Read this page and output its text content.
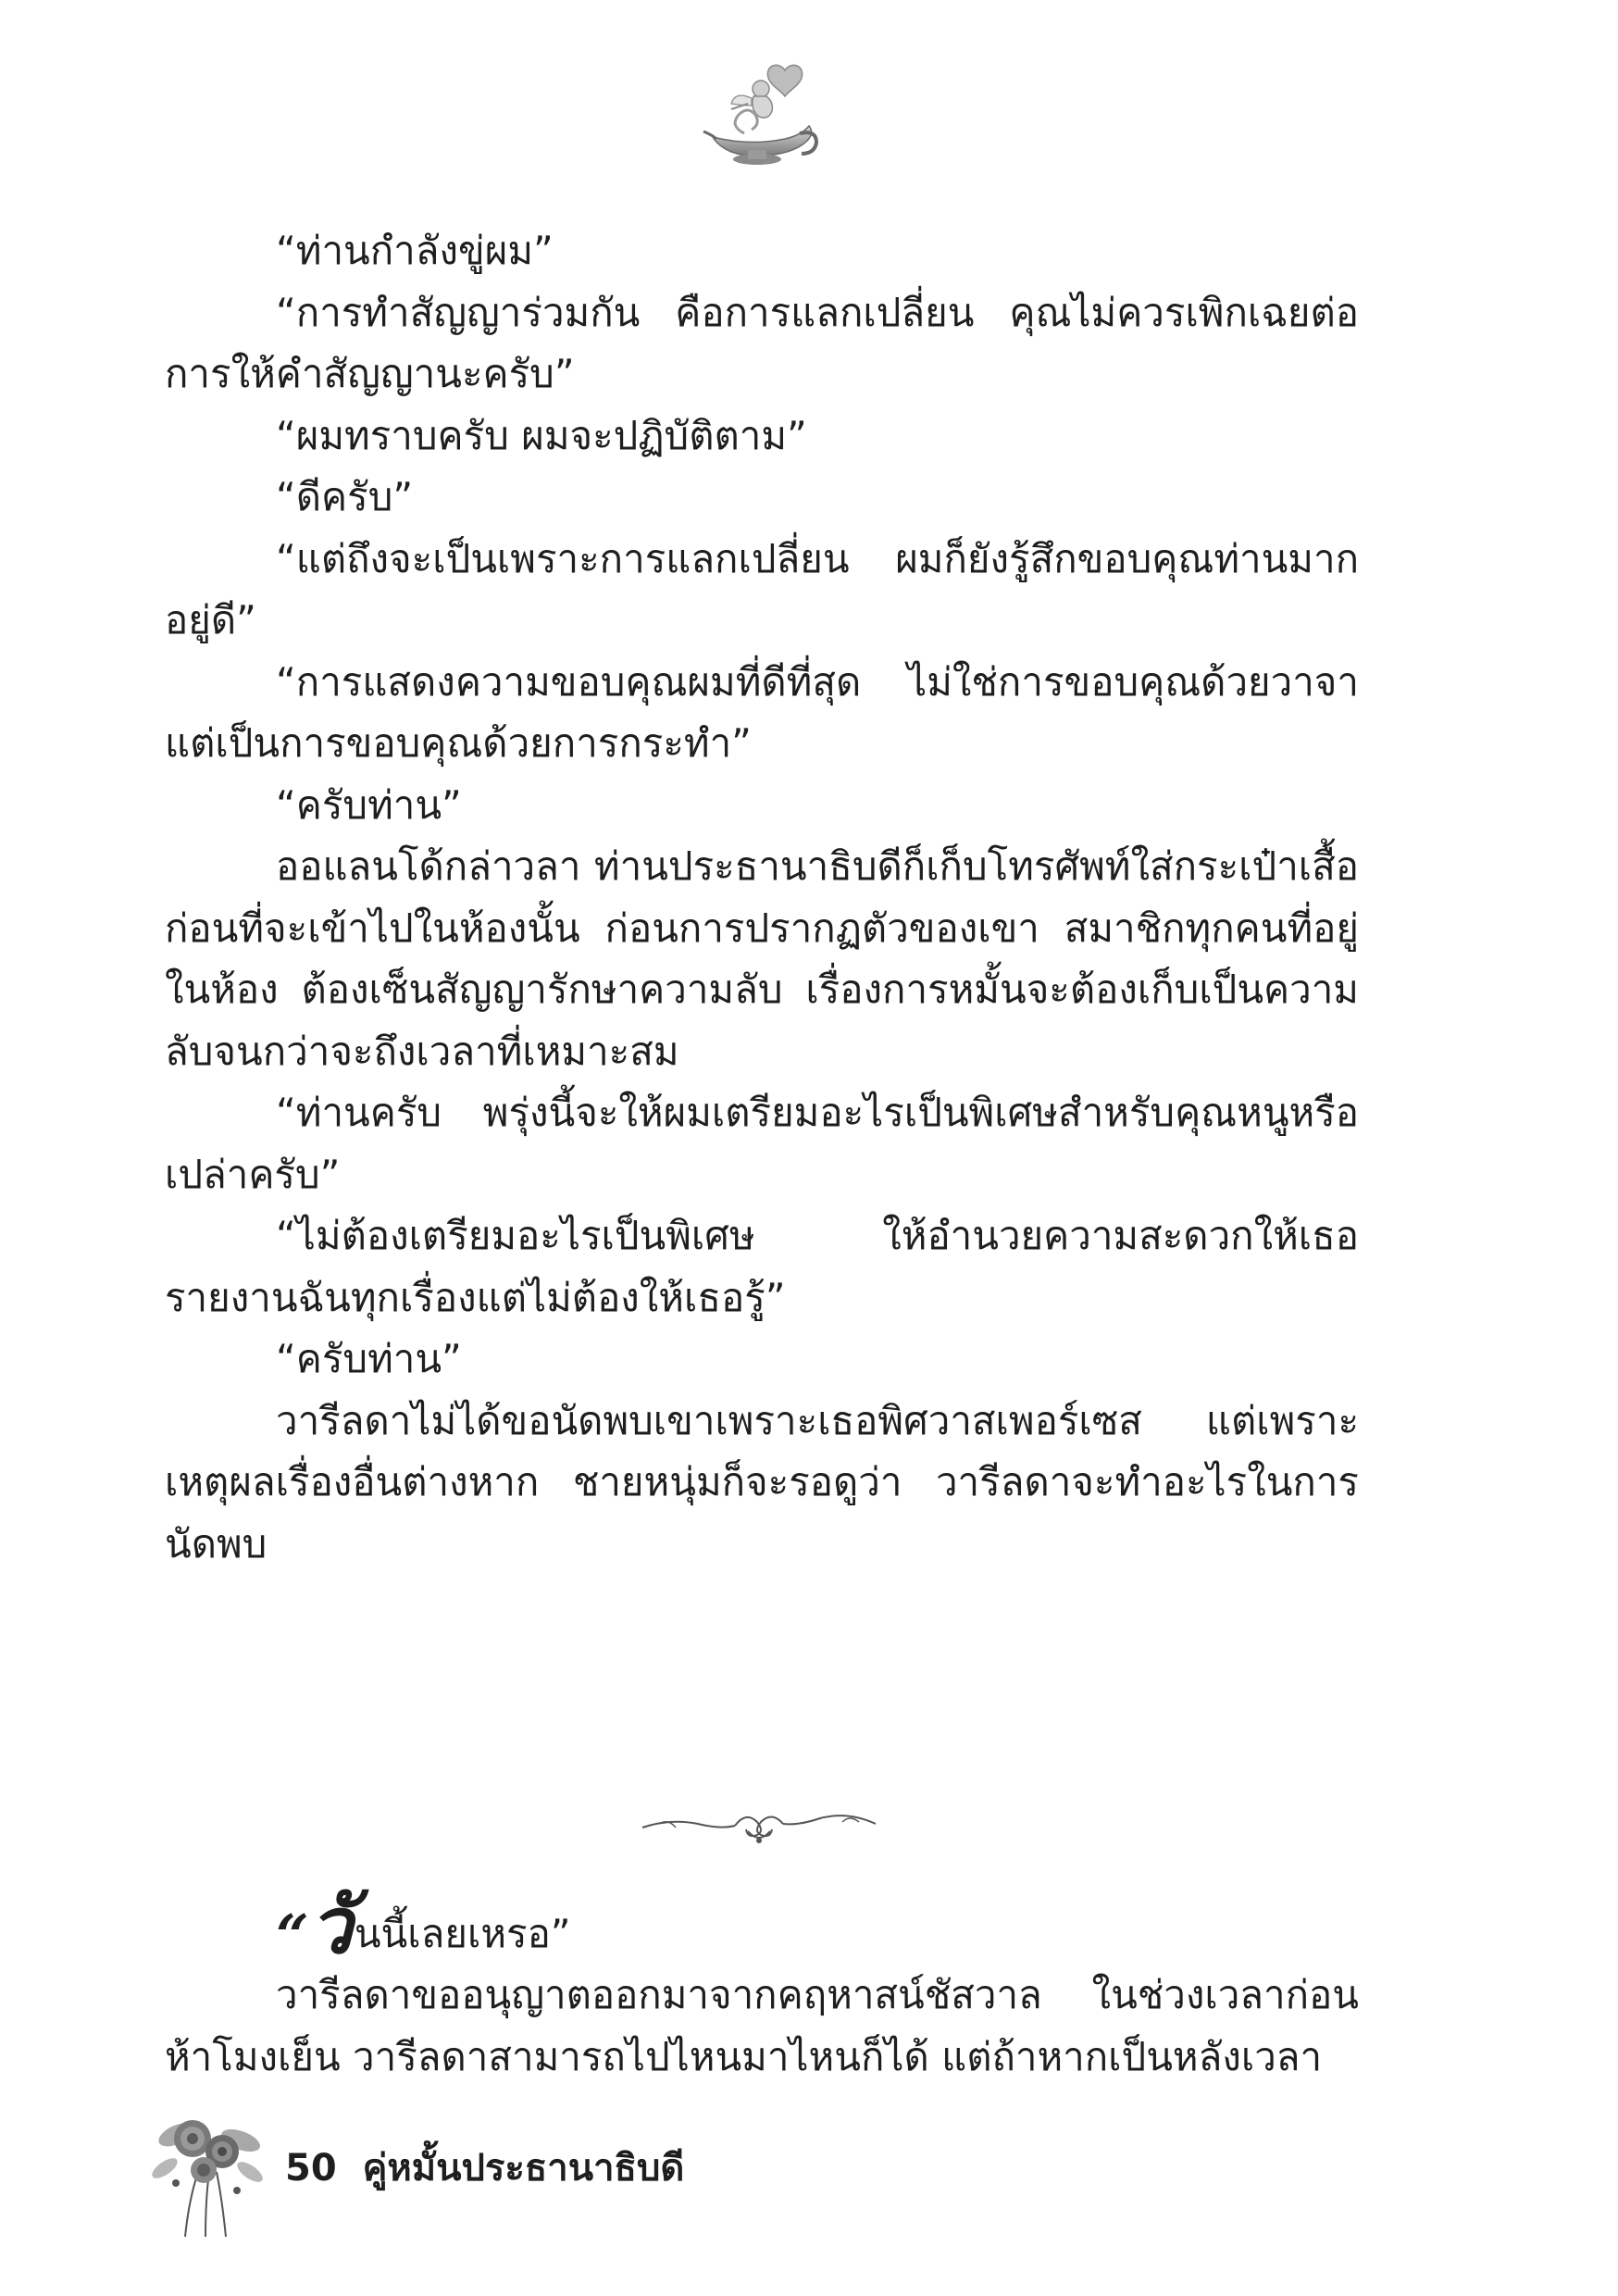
“ท่านกำลังขู่ผม”

“การทำสัญญาร่วมกัน คือการแลกเปลี่ยน คุณไม่ควรเพิกเฉยต่อการให้คำสัญญานะครับ”

“ผมทราบครับ ผมจะปฏิบัติตาม”

“ดีครับ”

“แต่ถึงจะเป็นเพราะการแลกเปลี่ยน ผมก็ยังรู้สึกขอบคุณท่านมากอยู่ดี”

“การแสดงความขอบคุณผมที่ดีที่สุด ไม่ใช่การขอบคุณด้วยวาจา แต่เป็นการขอบคุณด้วยการกระทำ”

“ครับท่าน”

ออแลนโด้กล่าวลา ท่านประธานาธิบดีก็เก็บโทรศัพท์ใส่กระเป๋าเสื้อ ก่อนที่จะเข้าไปในห้องนั้น ก่อนการปรากฏตัวของเขา สมาชิกทุกคนที่อยู่ในห้อง ต้องเซ็นสัญญารักษาความลับ เรื่องการหมั้นจะต้องเก็บเป็นความลับจนกว่าจะถึงเวลาที่เหมาะสม

“ท่านครับ พรุ่งนี้จะให้ผมเตรียมอะไรเป็นพิเศษสำหรับคุณหนูหรือเปล่าครับ”

“ไม่ต้องเตรียมอะไรเป็นพิเศษ ให้อำนวยความสะดวกให้เธอ รายงานฉันทุกเรื่องแต่ไม่ต้องให้เธอรู้”

“ครับท่าน”

วารีลดาไม่ได้ขอนัดพบเขาเพราะเธอพิศวาสเพอร์เซส แต่เพราะเหตุผลเรื่องอื่นต่างหาก ชายหนุ่มก็จะรอดูว่า วารีลดาจะทำอะไรในการนัดพบ

“ วั นนี้เลยเหรอ”

วารีลดาขออนุญาตออกมาจากคฤหาสน์ชัสวาล ในช่วงเวลาก่อนห้าโมงเย็น วารีลดาสามารถไปไหนมาไหนก็ได้ แต่ถ้าหากเป็นหลังเวลา

50 คู่หมั้นประธานาธิบดี
